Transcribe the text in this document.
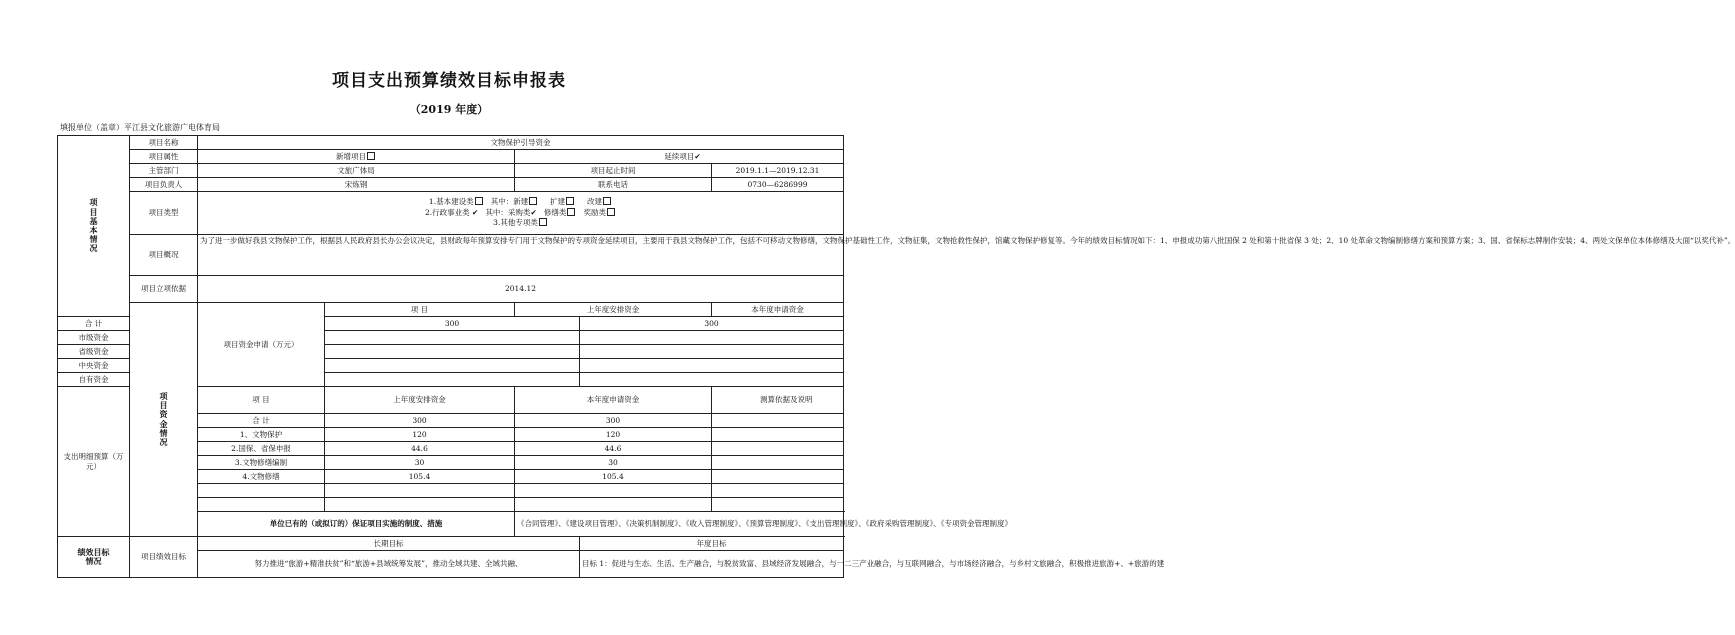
项目支出预算绩效目标申报表
（2019 年度）
填报单位（盖章）平江县文化旅游广电体育局
项目基本情况	项目名称	文物保护引导资金				
	项目属性	新增项目		延续项目✔		
	主管部门	文旅广体局		项目起止时间		2019.1.1—2019.12.31
	项目负责人	宋炼钢		联系电话		0730—6286999
	项目类型	1.基本建设类 其中：新建 扩建 改建
2.行政事业类 ✔ 其中：采购类✔ 修缮类 奖励类
3.其他专项类				

	项目概况	为了进一步做好我县文物保护工作，根据县人民政府县长办公会议决定，县财政每年预算安排专门用于文物保护的专项资金延续项目，主要用于我县文物保护工作，包括不可移动文物修缮，文物保护基础性工作，文物征集，文物抢救性保护，馆藏文物保护修复等。今年的绩效目标情况如下：1、申报成功第八批国保 2 处和第十批省保 3 处；2、10 处革命文物编制修缮方案和预算方案；3、国、省保标志牌制作安装；4、两处文保单位本体修缮及大面“以奖代补”。				
	项目立项依据	2014.12				
	项目资金情况	项目资金申请（万元）	项 目	上年度安排资金		本年度申请资金
合 计			300		300	
市级资金						
省级资金						
中央资金						
自有资金						
支出明细预算（万元）		项 目	上年度安排资金	本年度申请资金		测算依据及说明
		合 计	300	300		
		1、文物保护	120	120		
		2.国保、省保申报	44.6	44.6		
		3.文物修缮编制	30	30		
		4.文物修缮	105.4	105.4		

		单位已有的（或拟订的）保证项目实施的制度、措施		《合同管理》、《建设项目管理》、《决策机制制度》、《收入管理制度》、《预算管理制度》、《支出管理制度》、《政府采购管理制度》、《专项资金管理制度》		
绩效目标情况	项目绩效目标	长期目标			年度目标	
		努力推进“旅游+精准扶贫”和“旅游+县域统筹发展”，推动全域共建、全域共融、			目标 1：促进与生态、生活、生产融合，与脱贫致富、县域经济发展融合，与一二三产业融合，与互联网融合，与市场经济融合，与乡村文旅融合，积极推进旅游+、+旅游的建	
